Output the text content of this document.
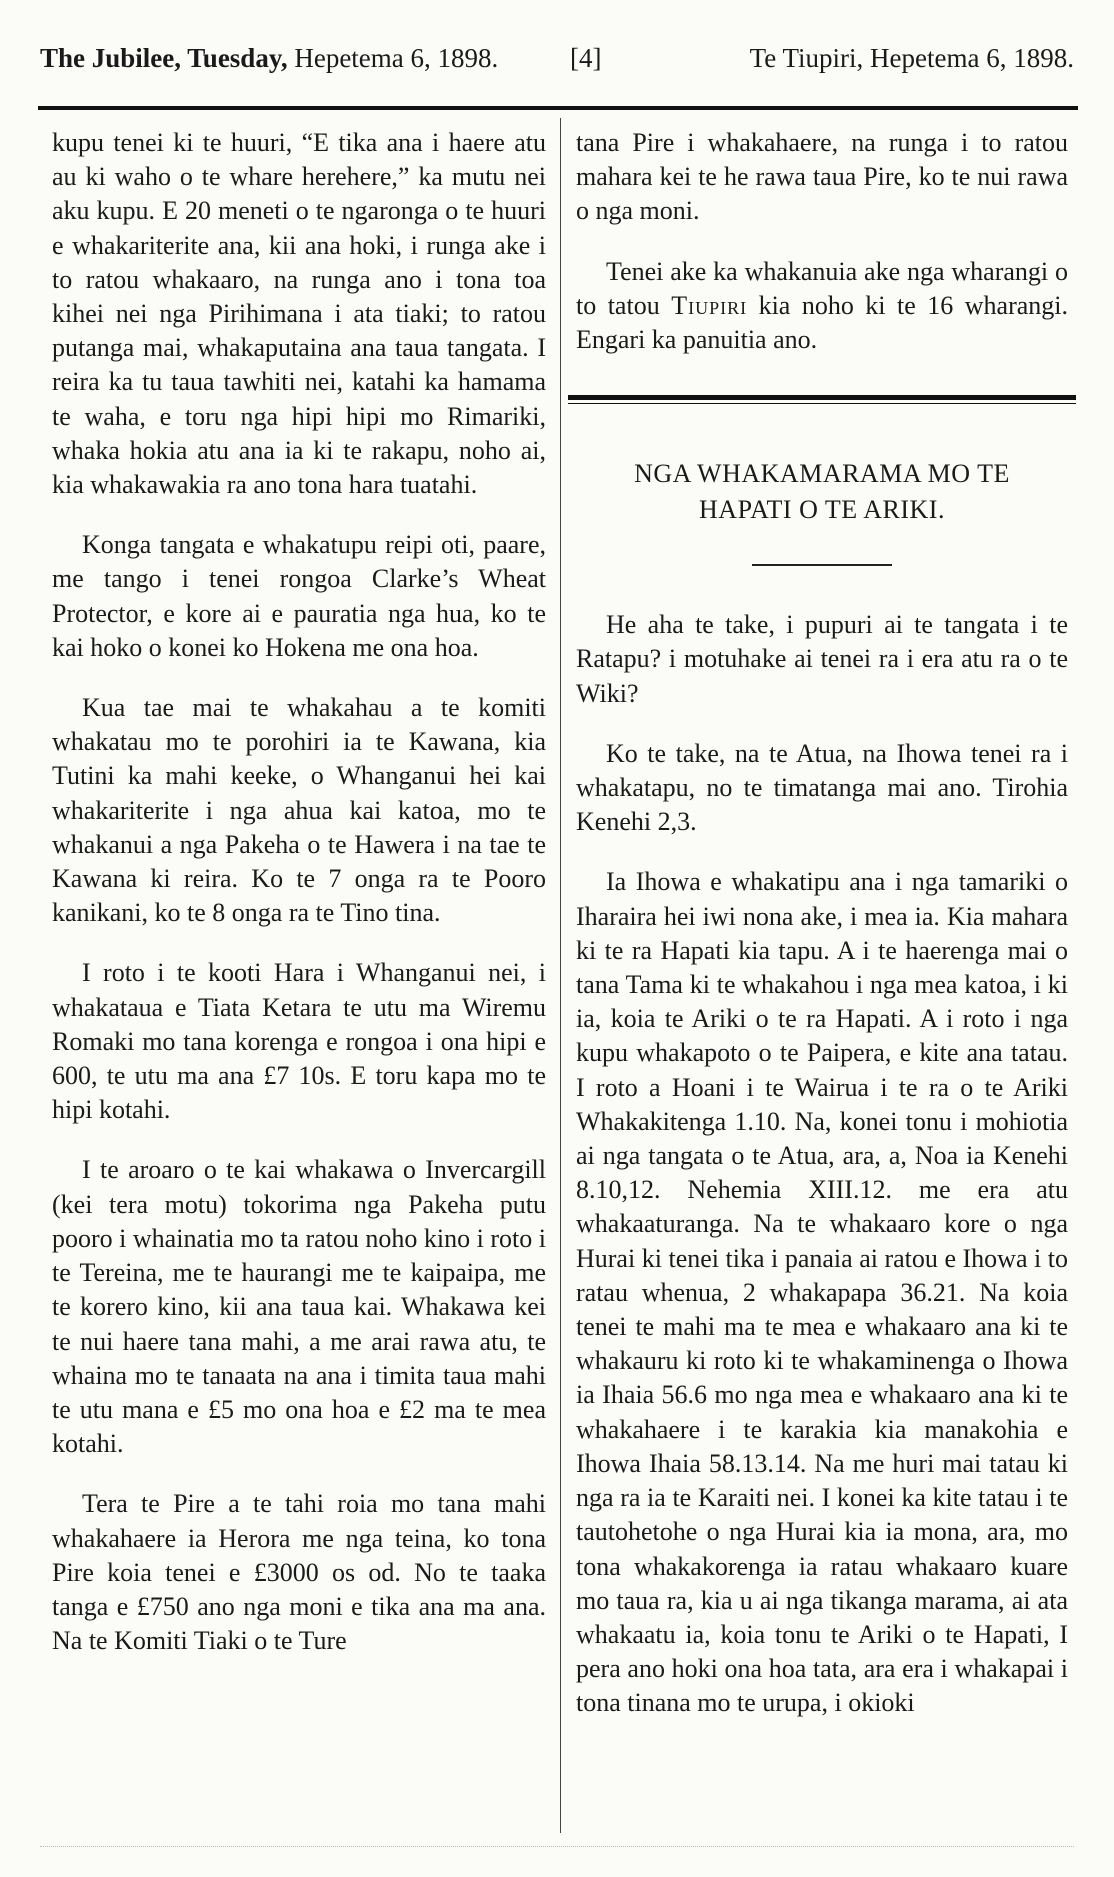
The Jubilee, Tuesday, Hepetema 6, 1898.	[4]	Te Tiupiri, Hepetema 6, 1898.

kupu tenei ki te huuri, “E tika ana i haere atu au ki waho o te whare herehere,” ka mutu nei aku kupu. E 20 meneti o te ngaronga o te huuri e whakariterite ana, kii ana hoki, i runga ake i to ratou whakaaro, na runga ano i tona toa kihei nei nga Pirihimana i ata tiaki; to ratou putanga mai, whakaputaina ana taua tangata. I reira ka tu taua tawhiti nei, katahi ka hamama te waha, e toru nga hipi hipi mo Rimariki, whaka hokia atu ana ia ki te rakapu, noho ai, kia whakawakia ra ano tona hara tuatahi.

Konga tangata e whakatupu reipi oti, paare, me tango i tenei rongoa Clarke’s Wheat Protector, e kore ai e pauratia nga hua, ko te kai hoko o konei ko Hokena me ona hoa.

Kua tae mai te whakahau a te komiti whakatau mo te porohiri ia te Kawana, kia Tutini ka mahi keeke, o Whanganui hei kai whakariterite i nga ahua kai katoa, mo te whakanui a nga Pakeha o te Hawera i na tae te Kawana ki reira. Ko te 7 onga ra te Pooro kanikani, ko te 8 onga ra te Tino tina.

I roto i te kooti Hara i Whanganui nei, i whakataua e Tiata Ketara te utu ma Wiremu Romaki mo tana korenga e rongoa i ona hipi e 600, te utu ma ana £7 10s. E toru kapa mo te hipi kotahi.

I te aroaro o te kai whakawa o Invercargill (kei tera motu) tokorima nga Pakeha putu pooro i whainatia mo ta ratou noho kino i roto i te Tereina, me te haurangi me te kaipaipa, me te korero kino, kii ana taua kai. Whakawa kei te nui haere tana mahi, a me arai rawa atu, te whaina mo te tanaata na ana i timita taua mahi te utu mana e £5 mo ona hoa e £2 ma te mea kotahi.

Tera te Pire a te tahi roia mo tana mahi whakahaere ia Herora me nga teina, ko tona Pire koia tenei e £3000 os od. No te taaka tanga e £750 ano nga moni e tika ana ma ana. Na te Komiti Tiaki o te Ture

tana Pire i whakahaere, na runga i to ratou mahara kei te he rawa taua Pire, ko te nui rawa o nga moni.

Tenei ake ka whakanuia ake nga wharangi o to tatou Tiupiri kia noho ki te 16 wharangi. Engari ka panuitia ano.

NGA WHAKAMARAMA MO TE
HAPATI O TE ARIKI.

He aha te take, i pupuri ai te tangata i te Ratapu? i motuhake ai tenei ra i era atu ra o te Wiki?

Ko te take, na te Atua, na Ihowa tenei ra i whakatapu, no te timatanga mai ano. Tirohia Kenehi 2,3.

Ia Ihowa e whakatipu ana i nga tamariki o Iharaira hei iwi nona ake, i mea ia. Kia mahara ki te ra Hapati kia tapu. A i te haerenga mai o tana Tama ki te whakahou i nga mea katoa, i ki ia, koia te Ariki o te ra Hapati. A i roto i nga kupu whakapoto o te Paipera, e kite ana tatau. I roto a Hoani i te Wairua i te ra o te Ariki Whakakitenga 1.10. Na, konei tonu i mohiotia ai nga tangata o te Atua, ara, a, Noa ia Kenehi 8.10,12. Nehemia XIII.12. me era atu whakaaturanga. Na te whakaaro kore o nga Hurai ki tenei tika i panaia ai ratou e Ihowa i to ratau whenua, 2 whakapapa 36.21. Na koia tenei te mahi ma te mea e whakaaro ana ki te whakauru ki roto ki te whakaminenga o Ihowa ia Ihaia 56.6 mo nga mea e whakaaro ana ki te whakahaere i te karakia kia manakohia e Ihowa Ihaia 58.13.14. Na me huri mai tatau ki nga ra ia te Karaiti nei. I konei ka kite tatau i te tautohetohe o nga Hurai kia ia mona, ara, mo tona whakakorenga ia ratau whakaaro kuare mo taua ra, kia u ai nga tikanga marama, ai ata whakaatu ia, koia tonu te Ariki o te Hapati, I pera ano hoki ona hoa tata, ara era i whakapai i tona tinana mo te urupa, i okioki
